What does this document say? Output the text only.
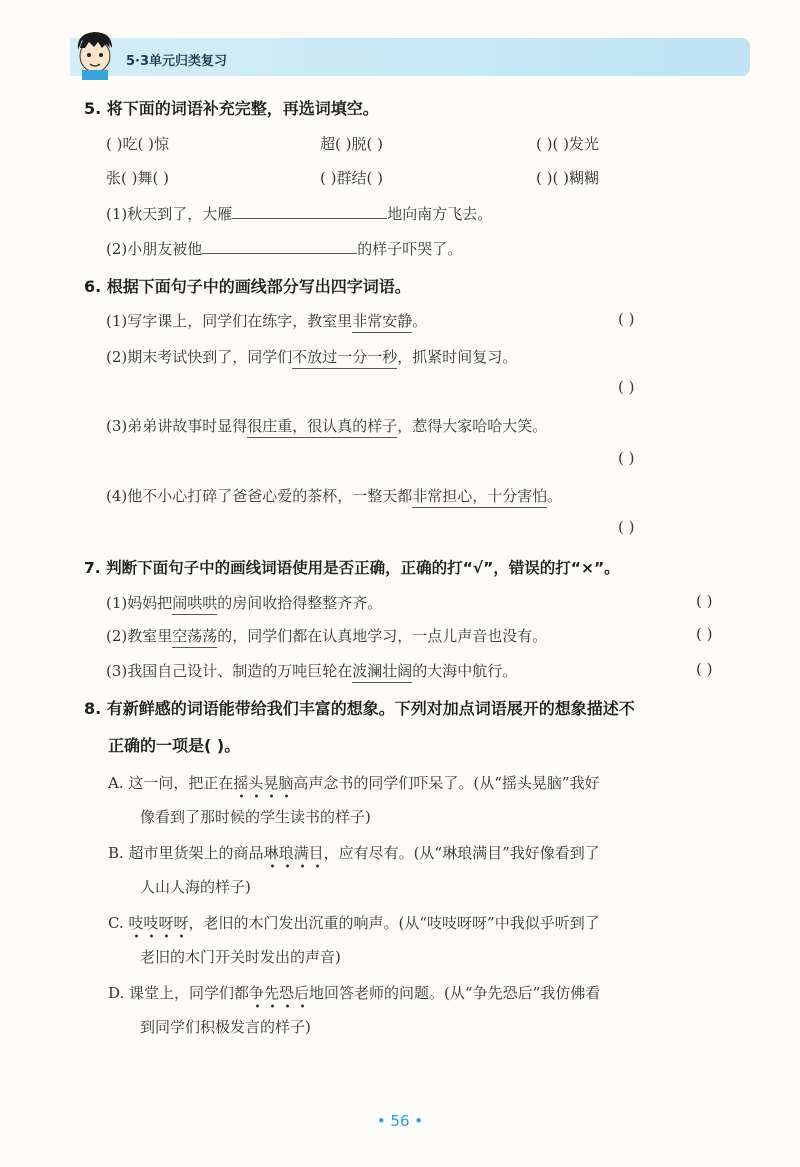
5·3单元归类复习
5. 将下面的词语补充完整，再选词填空。
( )吃( )惊	超( )脱( )	( )( )发光
张( )舞( )	( )群结( )	( )( )糊糊
(1)秋天到了，大雁	地向南方飞去。
(2)小朋友被他	的样子吓哭了。
6. 根据下面句子中的画线部分写出四字词语。
(1)写字课上，同学们在练字，教室里非常安静。	( )
(2)期末考试快到了，同学们不放过一分一秒，抓紧时间复习。
( )
(3)弟弟讲故事时显得很庄重，很认真的样子，惹得大家哈哈大笑。
( )
(4)他不小心打碎了爸爸心爱的茶杯，一整天都非常担心，十分害怕。
( )
7. 判断下面句子中的画线词语使用是否正确，正确的打“√”，错误的打“×”。
(1)妈妈把闹哄哄的房间收拾得整整齐齐。	( )
(2)教室里空荡荡的，同学们都在认真地学习，一点儿声音也没有。	( )
(3)我国自己设计、制造的万吨巨轮在波澜壮阔的大海中航行。	( )
8. 有新鲜感的词语能带给我们丰富的想象。下列对加点词语展开的想象描述不
正确的一项是( )。
A. 这一问，把正在摇头晃脑高声念书的同学们吓呆了。(从“摇头晃脑”我好
像看到了那时候的学生读书的样子)
B. 超市里货架上的商品琳琅满目，应有尽有。(从“琳琅满目”我好像看到了
人山人海的样子)
C. 吱吱呀呀，老旧的木门发出沉重的响声。(从“吱吱呀呀”中我似乎听到了
老旧的木门开关时发出的声音)
D. 课堂上，同学们都争先恐后地回答老师的问题。(从“争先恐后”我仿佛看
到同学们积极发言的样子)
• 56 •
